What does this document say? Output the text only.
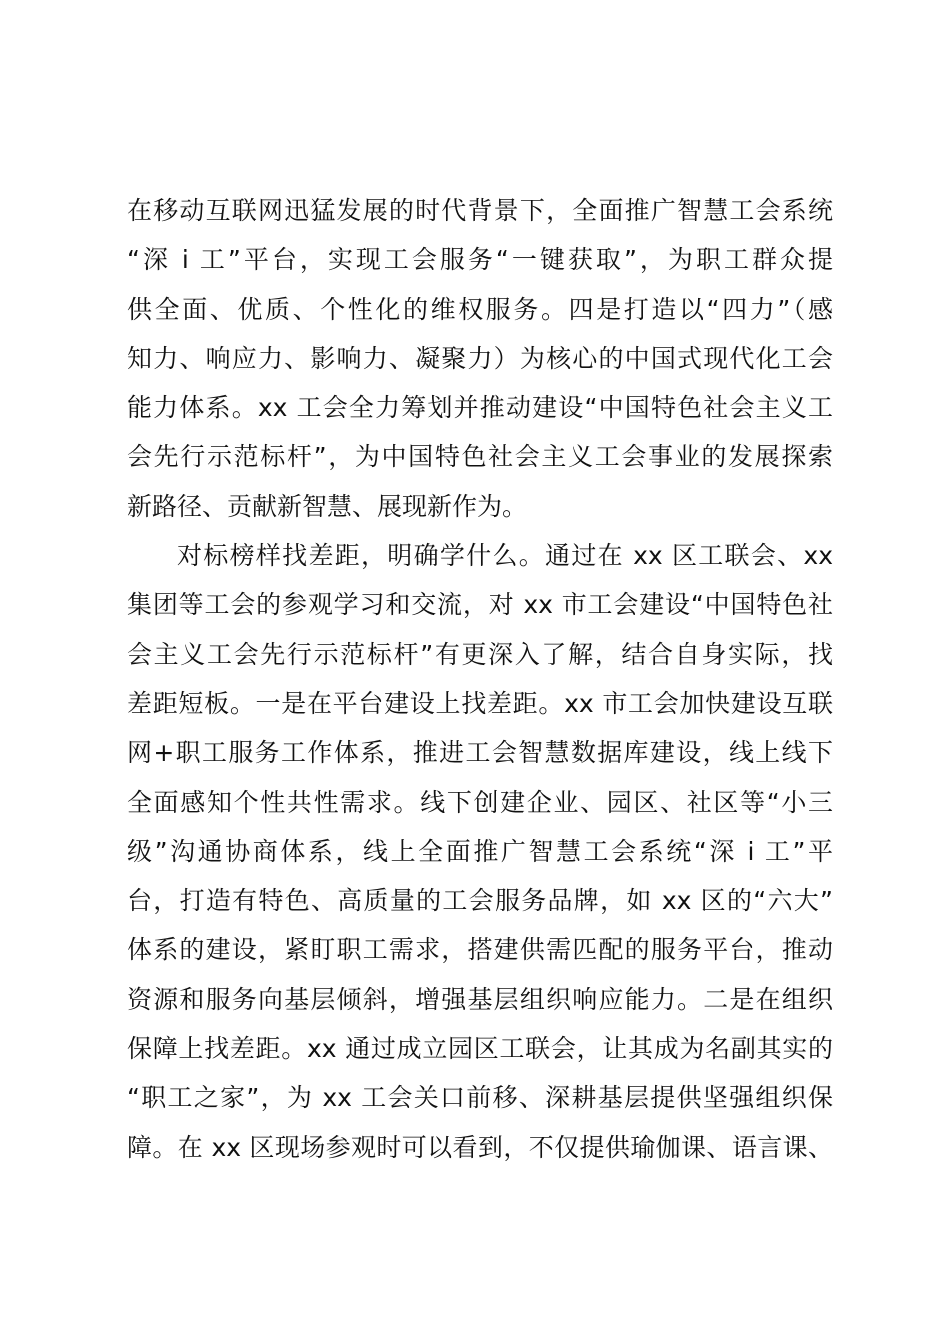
在移动互联网迅猛发展的时代背景下，全面推广智慧工会系统
“深 i 工”平台，实现工会服务“一键获取”，为职工群众提
供全面、优质、个性化的维权服务。四是打造以“四力”（感
知力、响应力、影响力、凝聚力）为核心的中国式现代化工会
能力体系。xx 工会全力筹划并推动建设“中国特色社会主义工
会先行示范标杆”，为中国特色社会主义工会事业的发展探索
新路径、贡献新智慧、展现新作为。
对标榜样找差距，明确学什么。通过在 xx 区工联会、xx
集团等工会的参观学习和交流，对 xx 市工会建设“中国特色社
会主义工会先行示范标杆”有更深入了解，结合自身实际，找
差距短板。一是在平台建设上找差距。xx 市工会加快建设互联
网+职工服务工作体系，推进工会智慧数据库建设，线上线下
全面感知个性共性需求。线下创建企业、园区、社区等“小三
级”沟通协商体系，线上全面推广智慧工会系统“深 i 工”平
台，打造有特色、高质量的工会服务品牌，如 xx 区的“六大”
体系的建设，紧盯职工需求，搭建供需匹配的服务平台，推动
资源和服务向基层倾斜，增强基层组织响应能力。二是在组织
保障上找差距。xx 通过成立园区工联会，让其成为名副其实的
“职工之家”，为 xx 工会关口前移、深耕基层提供坚强组织保
障。在 xx 区现场参观时可以看到，不仅提供瑜伽课、语言课、
